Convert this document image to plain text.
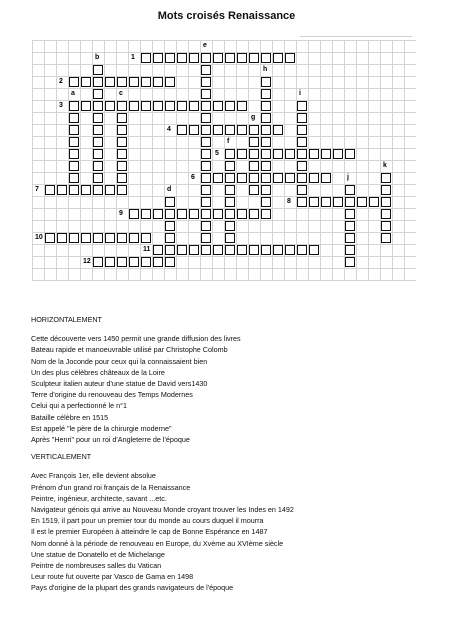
Mots croisés Renaissance
e
b	1
h
2
a	c	i
3
g
4
f
5
k
6	j
7	d
8
9
10
11
12
HORIZONTALEMENT
Cette découverte vers 1450 permit une grande diffusion des livres
Bateau rapide et manoeuvrable utilisé par Christophe Colomb
Nom de la Joconde pour ceux qui la connaissaient bien
Un des plus célèbres châteaux de la Loire
Sculpteur italien auteur d'une statue de David vers1430
Terre d'origine du renouveau des Temps Modernes
Celui qui a perfectionné le n°1
Bataille célèbre en 1515
Est appelé "le père de la chirurgie moderne"
Après "Henri" pour un roi d'Angleterre de l'époque
VERTICALEMENT
Avec François 1er, elle devient absolue
Prénom d'un grand roi français de la Renaissance
Peintre, ingénieur, architecte, savant ...etc.
Navigateur génois qui arrive au Nouveau Monde croyant trouver les Indes en 1492
En 1519, il part pour un premier tour du monde au cours duquel il mourra
Il est le premier Européen à atteindre le cap de Bonne Espérance en 1487
Nom donné à la période de renouveau en Europe, du Xvème au XVIème siècle
Une statue de Donatello et de Michelange
Peintre de nombreuses salles du Vatican
Leur route fut ouverte par Vasco de Gama en 1498
Pays d'origine de la plupart des grands navigateurs de l'époque
